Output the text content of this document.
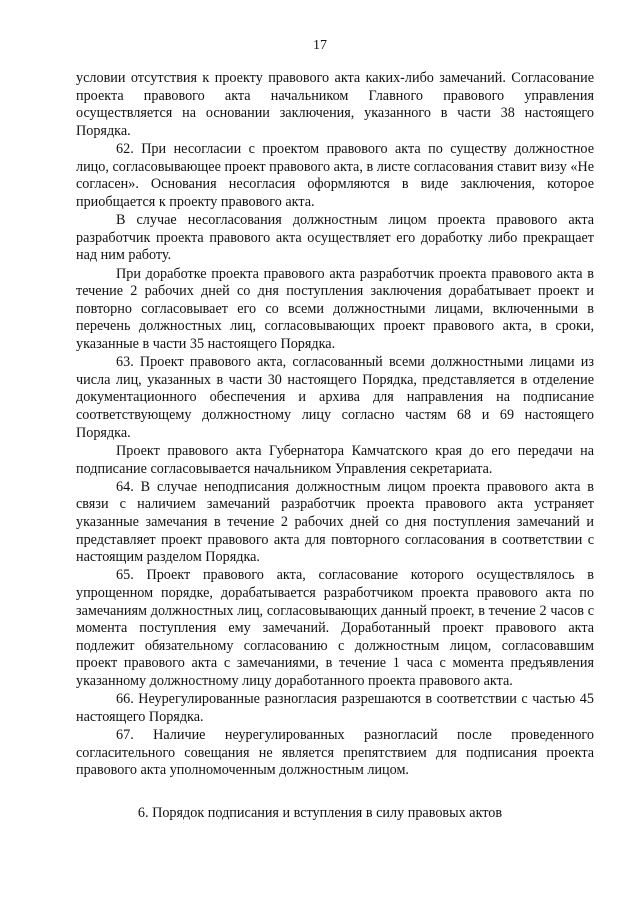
17

условии отсутствия к проекту правового акта каких-либо замечаний. Согласование проекта правового акта начальником Главного правового управления осуществляется на основании заключения, указанного в части 38 настоящего Порядка.

62. При несогласии с проектом правового акта по существу должностное лицо, согласовывающее проект правового акта, в листе согласования ставит визу «Не согласен». Основания несогласия оформляются в виде заключения, которое приобщается к проекту правового акта.

В случае несогласования должностным лицом проекта правового акта разработчик проекта правового акта осуществляет его доработку либо прекращает над ним работу.

При доработке проекта правового акта разработчик проекта правового акта в течение 2 рабочих дней со дня поступления заключения дорабатывает проект и повторно согласовывает его со всеми должностными лицами, включенными в перечень должностных лиц, согласовывающих проект правового акта, в сроки, указанные в части 35 настоящего Порядка.

63. Проект правового акта, согласованный всеми должностными лицами из числа лиц, указанных в части 30 настоящего Порядка, представляется в отделение документационного обеспечения и архива для направления на подписание соответствующему должностному лицу согласно частям 68 и 69 настоящего Порядка.

Проект правового акта Губернатора Камчатского края до его передачи на подписание согласовывается начальником Управления секретариата.

64. В случае неподписания должностным лицом проекта правового акта в связи с наличием замечаний разработчик проекта правового акта устраняет указанные замечания в течение 2 рабочих дней со дня поступления замечаний и представляет проект правового акта для повторного согласования в соответствии с настоящим разделом Порядка.

65. Проект правового акта, согласование которого осуществлялось в упрощенном порядке, дорабатывается разработчиком проекта правового акта по замечаниям должностных лиц, согласовывающих данный проект, в течение 2 часов с момента поступления ему замечаний. Доработанный проект правового акта подлежит обязательному согласованию с должностным лицом, согласовавшим проект правового акта с замечаниями, в течение 1 часа с момента предъявления указанному должностному лицу доработанного проекта правового акта.

66. Неурегулированные разногласия разрешаются в соответствии с частью 45 настоящего Порядка.

67. Наличие неурегулированных разногласий после проведенного согласительного совещания не является препятствием для подписания проекта правового акта уполномоченным должностным лицом.

6. Порядок подписания и вступления в силу правовых актов
